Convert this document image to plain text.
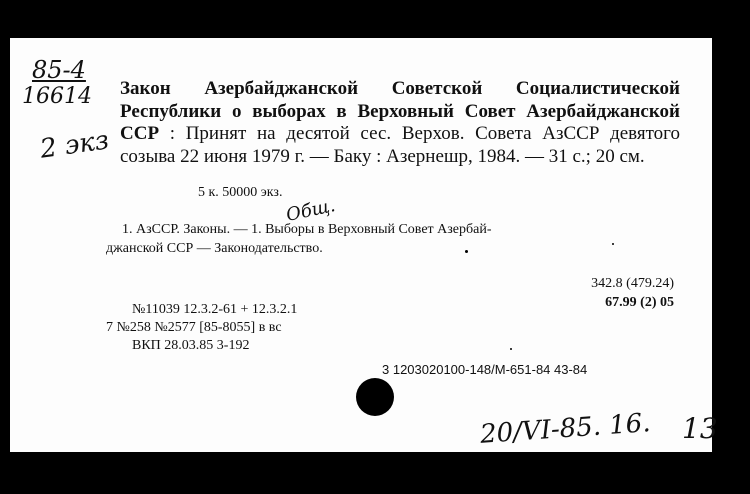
85-4
16614
2 экз
Закон Азербайджанской Советской Социалистической Республики о выборах в Верховный Совет Азербайджанской ССР : Принят на десятой сес. Верхов. Совета АзССР девятого созыва 22 июня 1979 г. — Баку : Азернешр, 1984. — 31 с.; 20 см.
5 к. 50000 экз.
Общ.
1. АзССР. Законы. — 1. Выборы в Верховный Совет Азербай-
джанской ССР — Законодательство.
342.8 (479.24)
67.99 (2) 05
№11039 12.3.2-61 + 12.3.2.1
7 №258 №2577 [85-8055] в вс
ВКП 28.03.85 3-192
3 1203020100-148/М-651-84 43-84
20/VI-85. 16. 13
